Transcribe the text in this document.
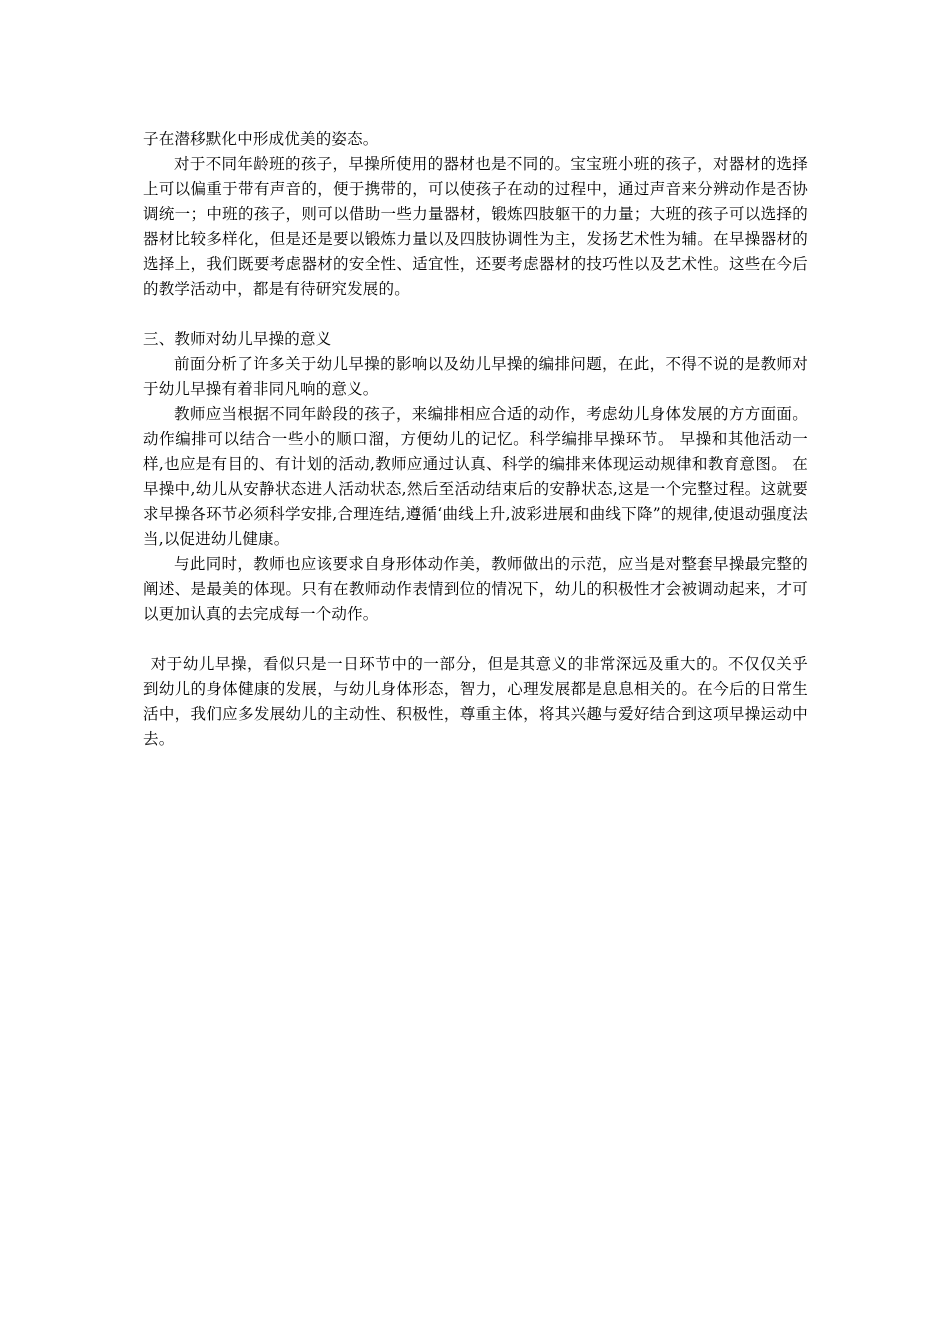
子在潜移默化中形成优美的姿态。

对于不同年龄班的孩子，早操所使用的器材也是不同的。宝宝班小班的孩子，对器材的选择上可以偏重于带有声音的，便于携带的，可以使孩子在动的过程中，通过声音来分辨动作是否协调统一；中班的孩子，则可以借助一些力量器材，锻炼四肢躯干的力量；大班的孩子可以选择的器材比较多样化，但是还是要以锻炼力量以及四肢协调性为主，发扬艺术性为辅。在早操器材的选择上，我们既要考虑器材的安全性、适宜性，还要考虑器材的技巧性以及艺术性。这些在今后的教学活动中，都是有待研究发展的。

三、教师对幼儿早操的意义

前面分析了许多关于幼儿早操的影响以及幼儿早操的编排问题，在此，不得不说的是教师对于幼儿早操有着非同凡响的意义。

教师应当根据不同年龄段的孩子，来编排相应合适的动作，考虑幼儿身体发展的方方面面。动作编排可以结合一些小的顺口溜，方便幼儿的记忆。科学编排早操环节。 早操和其他活动一样,也应是有目的、有计划的活动,教师应通过认真、科学的编排来体现运动规律和教育意图。 在早操中,幼儿从安静状态进人活动状态,然后至活动结束后的安静状态,这是一个完整过程。这就要求早操各环节必须科学安排,合理连结,遵循‘曲线上升,波彩进展和曲线下降”的规律,使退动强度法当,以促进幼儿健康。

与此同时，教师也应该要求自身形体动作美，教师做出的示范，应当是对整套早操最完整的阐述、是最美的体现。只有在教师动作表情到位的情况下，幼儿的积极性才会被调动起来，才可以更加认真的去完成每一个动作。

对于幼儿早操，看似只是一日环节中的一部分，但是其意义的非常深远及重大的。不仅仅关乎到幼儿的身体健康的发展，与幼儿身体形态，智力，心理发展都是息息相关的。在今后的日常生活中，我们应多发展幼儿的主动性、积极性，尊重主体，将其兴趣与爱好结合到这项早操运动中去。
